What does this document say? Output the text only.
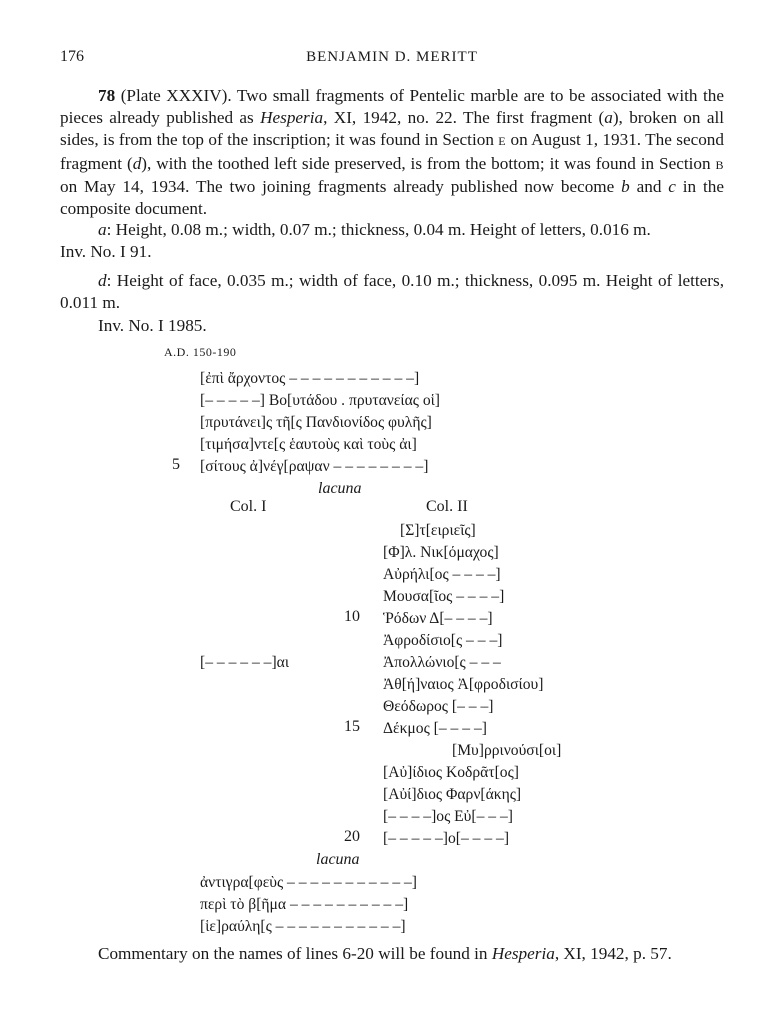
176	BENJAMIN D. MERITT
78 (Plate XXXIV). Two small fragments of Pentelic marble are to be associated with the pieces already published as Hesperia, XI, 1942, no. 22. The first fragment (a), broken on all sides, is from the top of the inscription; it was found in Section E on August 1, 1931. The second fragment (d), with the toothed left side preserved, is from the bottom; it was found in Section B on May 14, 1934. The two joining fragments already published now become b and c in the composite document.
a: Height, 0.08 m.; width, 0.07 m.; thickness, 0.04 m. Height of letters, 0.016 m.
Inv. No. I 91.
d: Height of face, 0.035 m.; width of face, 0.10 m.; thickness, 0.095 m. Height of letters, 0.011 m.
Inv. No. I 1985.
A.D. 150-190
[ἐπὶ ἄρχοντος – – – – – – – – – – –]
[– – – – –] Βο[υτάδου . πρυτανείας οἱ]
[πρυτάνει]ς τῆ[ς Πανδιονίδος φυλῆς]
[τιμήσα]ντε[ς ἑαυτοὺς καὶ τοὺς ἀι]
5 [σίτους ἀ]νέγ[ραψαν – – – – – – – –]
lacuna
Col. I	Col. II
[Σ]τ[ειριεῖς]
[Φ]λ. Νικ[όμαχος]
Αὐρήλι[ος – – – –]
Μουσα[ῖος – – – –]
10 Ῥόδων Δ[– – – –]
Ἀφροδίσιο[ς – – –]
[– – – – – –]αι	Ἀπολλώνιο[ς – – –
Ἀθ[ή]ναιος Ἀ[φροδισίου]
Θεόδωρος [– – –]
15 Δέκμος [– – – –]
[Μυ]ρρινούσι[οι]
[Αὐ]ίδιος Κοδρᾶτ[ος]
[Αὐί]διος Φαρν[άκης]
[– – – –]ος Εὐ[– – –]
20 [– – – – –]ο[– – – –]
lacuna
ἀντιγρα[φεὺς – – – – – – – – – – –]
περὶ τὸ β[ῆμα – – – – – – – – – –]
[ἱε]ραύλη[ς – – – – – – – – – – –]
Commentary on the names of lines 6-20 will be found in Hesperia, XI, 1942, p. 57.
